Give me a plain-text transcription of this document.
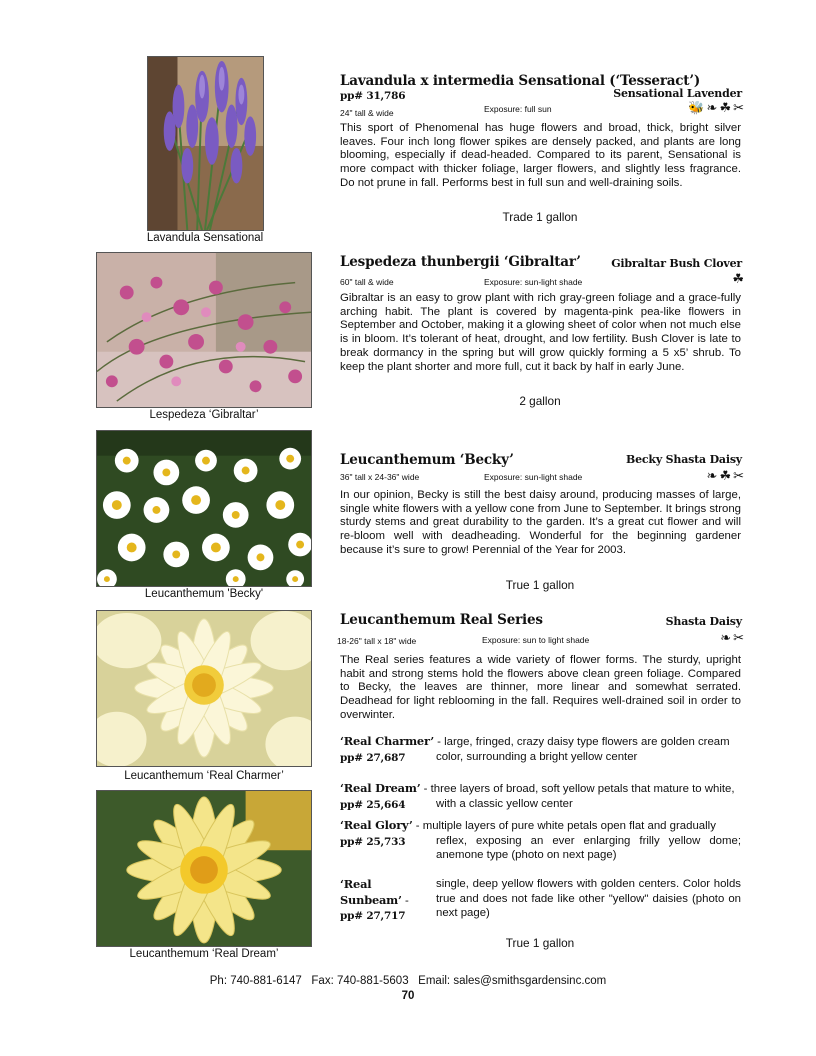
Lavandula Sensational
Lavandula x intermedia Sensational (‘Tesseract’)
pp# 31,786	Sensational Lavender
24" tall & wide	Exposure: full sun	🐝 ❧ ☘ ✂
This sport of Phenomenal has huge flowers and broad, thick, bright silver leaves. Four inch long flower spikes are densely packed, and plants are long blooming, especially if dead-headed. Compared to its parent, Sensational is more compact with thicker foliage, larger flowers, and slightly less fragrance. Do not prune in fall. Performs best in full sun and well-draining soils.
Trade 1 gallon
Lespedeza ‘Gibraltar’
Lespedeza thunbergii ‘Gibraltar’	Gibraltar Bush Clover
60" tall & wide	Exposure: sun-light shade	☘
Gibraltar is an easy to grow plant with rich gray-green foliage and a grace-fully arching habit. The plant is covered by magenta-pink pea-like flowers in September and October, making it a glowing sheet of color when not much else is in bloom. It’s tolerant of heat, drought, and low fertility. Bush Clover is late to break dormancy in the spring but will grow quickly forming a 5 x5’ shrub. To keep the plant shorter and more full, cut it back by half in early June.
2 gallon
Leucanthemum 'Becky'
Leucanthemum ‘Becky’	Becky Shasta Daisy
36" tall x 24-36" wide	Exposure: sun-light shade	❧ ☘ ✂
In our opinion, Becky is still the best daisy around, producing masses of large, single white flowers with a yellow cone from June to September. It brings strong sturdy stems and great durability to the garden. It’s a great cut flower and will re-bloom well with deadheading. Wonderful for the beginning gardener because it’s sure to grow! Perennial of the Year for 2003.
True 1 gallon
Leucanthemum ‘Real Charmer’
Leucanthemum ‘Real Dream’
Leucanthemum Real Series	Shasta Daisy
18-26" tall x 18" wide	Exposure: sun to light shade	❧ ✂
The Real series features a wide variety of flower forms. The sturdy, upright habit and strong stems hold the flowers above clean green foliage. Compared to Becky, the leaves are thinner, more linear and somewhat serrated. Deadhead for light reblooming in the fall. Requires well-drained soil in order to overwinter.
‘Real Charmer’ - large, fringed, crazy daisy type flowers are golden cream
pp# 27,687	color, surrounding a bright yellow center
‘Real Dream’ - three layers of broad, soft yellow petals that mature to white,
pp# 25,664	with a classic yellow center
‘Real Glory’ - multiple layers of pure white petals open flat and gradually
pp# 25,733	reflex, exposing an ever enlarging frilly yellow dome; anemone type (photo on next page)
‘Real Sunbeam’ -
pp# 27,717
single, deep yellow flowers with golden centers. Color holds true and does not fade like other "yellow" daisies (photo on next page)
True 1 gallon
Ph: 740-881-6147   Fax: 740-881-5603   Email: sales@smithsgardensinc.com
70
